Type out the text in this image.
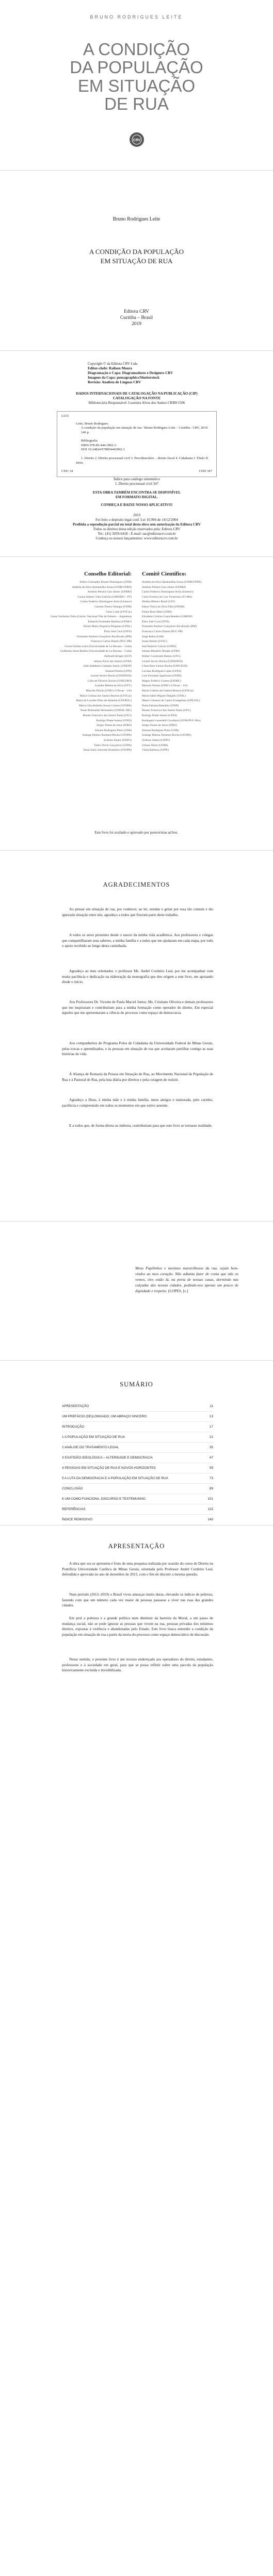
BRUNO RODRIGUES LEITE
A CONDIÇÃO
DA POPULAÇÃO
EM SITUAÇÃO
DE RUA
CRV
Bruno Rodrigues Leite
A CONDIÇÃO DA POPULAÇÃO
EM SITUAÇÃO DE RUA
Editora CRV
Curitiba – Brasil
2019
Copyright © da Editora CRV Ltda
Editor-chefe: Railson Moura
Diagramação e Capa: Diagramadores e Designers CRV
Imagens da Capa: pensagraphics/Shutterstock
Revisão: Analista de Línguas CRV
DADOS INTERNACIONAIS DE CATALOGAÇÃO NA PUBLICAÇÃO (CIP)
CATALOGAÇÃO NA FONTE
Bibliotecária Responsável: Luzenira Alves dos Santos CRB9/1506
L533
Leite, Bruno Rodrigues.
A condição da população em situação de rua / Bruno Rodrigues Leite – Curitiba : CRV, 2019.
146 p.
Bibliografia
ISBN 978-85-444-3902-3
DOI 10.24824/978854443902.3
1. Direito 2. Direito processual civil 3. Previdenciário – direito fiscal 4. Cidadania I. Título II. Série.
CDU 34	CDD 347
Índice para catálogo sistemático
1. Direito processual civil 347
ESTA OBRA TAMBÉM ENCONTRA-SE DISPONÍVEL
EM FORMATO DIGITAL.
CONHEÇA E BAIXE NOSSO APLICATIVO!
2019
Foi feito o depósito legal conf. Lei 10.994 de 14/12/2004
Proibida a reprodução parcial ou total desta obra sem autorização da Editora CRV
Todos os direitos desta edição reservados pela: Editora CRV
Tel.: (41) 3039-6418 - E-mail: sac@editoracrv.com.br
Conheça os nossos lançamentos: www.editoracrv.com.br
Conselho Editorial:
Aldira Guimarães Duarte Domínguez (UNB)
Andréia da Silva Quintanilha Sousa (UNIR/UFRN)
Antônio Pereira Gaio Júnior (UFRRJ)
Carlos Alberto Vilar Estêvão (UMINHO – PT)
Carlos Federico Dominguez Avila (Unieuro)
Carmen Tereza Velanga (UNIR)
Celso Conti (UFSCar)
Cesar Gerônimo Tello (Univer. Nacional Três de Febrero – Argentina)
Eduardo Fernandes Barbosa (UFMG)
Elione Maria Nogueira Diogenes (UFAL)
Élsio José Corá (UFFS)
Fernando Antônio Gonçalves Alcoforado (IPB)
Francisco Carlos Duarte (PUC-PR)
Gloria Fariñas León (Universidade de La Havana – Cuba)
Guillermo Arias Beatón (Universidade de La Havana – Cuba)
Helmuth Krüger (UCP)
Jailson Alves dos Santos (UFRJ)
João Adalberto Campato Junior (UNESP)
Josania Portela (UFPI)
Leonel Severo Rocha (UNISINOS)
Lídia de Oliveira Xavier (UNIEURO)
Lourdes Helena da Silva (UFV)
Marcelo Paixão (UFRJ e UTexas – US)
Maria Cristina dos Santos Bezerra (UFSCar)
Maria de Lourdes Pinto de Almeida (UNOESC)
Maria Lília Imbiriba Sousa Colares (UFOPA)
Paulo Romualdo Hernandes (UNIFAL-MG)
Renato Francisco dos Santos Paula (UFG)
Rodrigo Pratte-Santos (UFES)
Sérgio Nunes de Jesus (IFRO)
Simone Rodrigues Pinto (UNB)
Solange Helena Ximenes-Rocha (UFOPA)
Sydione Santos (UEPG)
Tadeu Oliver Gonçalves (UFPA)
Tania Suely Azevedo Brasileiro (UFOPA)
Comitê Científico:
Andréia da Silva Quintanilha Sousa (UNIR/UFRN)
Antônio Pereira Gaio Júnior (UFRRJ)
Carlos Federico Dominguez Avila (Unieuro)
Celso Ferreira da Cruz Victoriano (TJ-MA)
Deilton Ribeiro Brasil (UIT)
Edson Vieira da Silva Filho (FDSM)
Eliane Rose Maio (UEM)
Elizabete Cristina Costa Renders (UMESP)
Élsio José Corá (UFFS)
Fernando Antônio Gonçalves Alcoforado (IPB)
Francisco Carlos Duarte (PUC-PR)
Jorge Bahia (UnB)
Joana Stelzer (UFSC)
José Roberto Galvão (UFRN)
Juliana Monteiro Borges (UFRJ)
Kleber Cavalcante Ramos (UFG)
Leonel Severo Rocha (UNISINOS)
Lilian Rose Lemos Rocha (UNICEUB)
Luciana Rodrigues Lopes (UFES)
Luís Fernando Sgarbossa (UFMS)
Magno Federici Gomes (ESDHC)
Marcelo Paixão (UFRJ e UTexas – US)
Maria Cristina dos Santos Bezerra (UFSCar)
Maria Isabel Miguel Delgado (UFAL)
Mauro Gleisson de Castro Evangelista (UPS/UIC)
Paula Fabiana Ramalho (UNIP)
Renato Francisco dos Santos Paula (UFG)
Rodrigo Pratte-Santos (UFES)
Rosângela Lunardelli Cavallazzi (UFRJ/PUC-Rio)
Sérgio Nunes de Jesus (IFRO)
Simone Rodrigues Pinto (UNB)
Solange Helena Ximenes-Rocha (UFOPA)
Sydione Santos (UEPG)
Ulisses Neres (UFRR)
Vânia Barbosa (UFPE)
Este livro foi avaliado e aprovado por pareceristas ad hoc.
AGRADECIMENTOS

Ao pensar em situação de rua, por conhecer, ao ler, estudar e gritar por essa tão comum e tão ignorada situação entre nós, agradeço a todos que fizeram parte deste trabalho.

A todos os seres presentes desde o nascer da minha vida acadêmica. Aos professores e colegas que compartilharam seus saberes, a minha família e a todos que me ajudaram em cada etapa, por todo o apoio recebido ao longo desta caminhada.

Agradeço ao meu orientador, o professor Ms. André Cordeiro Leal, por me acompanhar com muita paciência e dedicação na elaboração da monografia que deu origem a este livro, me apoiando desde o início.

Aos Professores Dr. Vicente de Paula Maciel Junior, Ms. Cristiane Oliveira e demais professores que me inspiraram e contribuíram para a minha formação como operador do direito. Em especial àqueles que me apresentaram a ciência do processo como espaço de democracia.

Aos companheiros do Programa Polos de Cidadania da Universidade Federal de Minas Gerais, pelas trocas e aprendizados, e às pessoas em situação de rua que aceitaram partilhar comigo as suas histórias de vida.

À Aliança de Romaria da Pessoa em Situação de Rua, ao Movimento Nacional da População de Rua e à Pastoral de Rua, pela luta diária por direitos e pela coragem de resistir.

Agradeço a Deus, à minha mãe e à minha família, meus amigos e namorada, pelo carinho, paciência e compreensão em todos os momentos em que estive ausente.

E a todos que, de forma direta ou indireta, contribuíram para que este livro se tornasse realidade.

Meus Pupilinhos e meninos maravilhosos da rua, sejam bem-vindos ao meu coração. Não adianta fazer de conta que não os vemos, eles estão lá, na porta de nossas casas, dormindo nas calçadas das nossas cidades, pedindo-nos apenas um pouco de dignidade e respeito. (LOPES, [s.]
SUMÁRIO
APRESENTAÇÃO	11
UM PREFÁCIO (DE)LONGADO, UM ABRAÇO SINCERO	13
INTRODUÇÃO	17
1 A POPULAÇÃO EM SITUAÇÃO DE RUA	21
2 ANÁLISE DO TRATAMENTO LEGAL	35
3 EXATIDÃO IDEOLÓGICA – ALTERIDADE E DEMOCRACIA	47
4 PESSOAS EM SITUAÇÃO DE RUA E NOVOS HORIZONTES	59
5 A LUTA DA DEMOCRACIA E A POPULAÇÃO EM SITUAÇÃO DE RUA	73
CONCLUSÃO	89
6 UM COMO FUNCIONA, DISCURSO E TESTEMUNHO	101
REFERÊNCIAS	115
ÍNDICE REMISSIVO	143
APRESENTAÇÃO

A obra que ora se apresenta é fruto de uma pesquisa realizada por ocasião do curso de Direito na Pontifícia Universidade Católica de Minas Gerais, orientada pelo Professor André Cordeiro Leal, defendida e aprovada no ano de dezembro de 2015, com o fim de discutir a mesma questão.

Num período (2013–2019) o Brasil viveu ameaças muito duras, elevando os índices de pobreza, fazendo com que um número cada vez maior de pessoas passasse a viver nas ruas das grandes cidades.

Em prol a pobreza e a grande política num diminuir da barreira da Moral, a um passo de mudança social, não se pode ignorar as pessoas que vivem na rua, pessoas privadas dos mínimos direitos, expostas à violência e abandonadas pelo Estado. Este livro busca entender a condição da população em situação de rua a partir da teoria do processo como espaço democrático de discussão.

Nesse sentido, o presente livro é um recurso endereçado aos operadores do direito, estudantes, professores e à sociedade em geral, para que se possa refletir sobre uma parcela da população historicamente excluída e invisibilizada.
